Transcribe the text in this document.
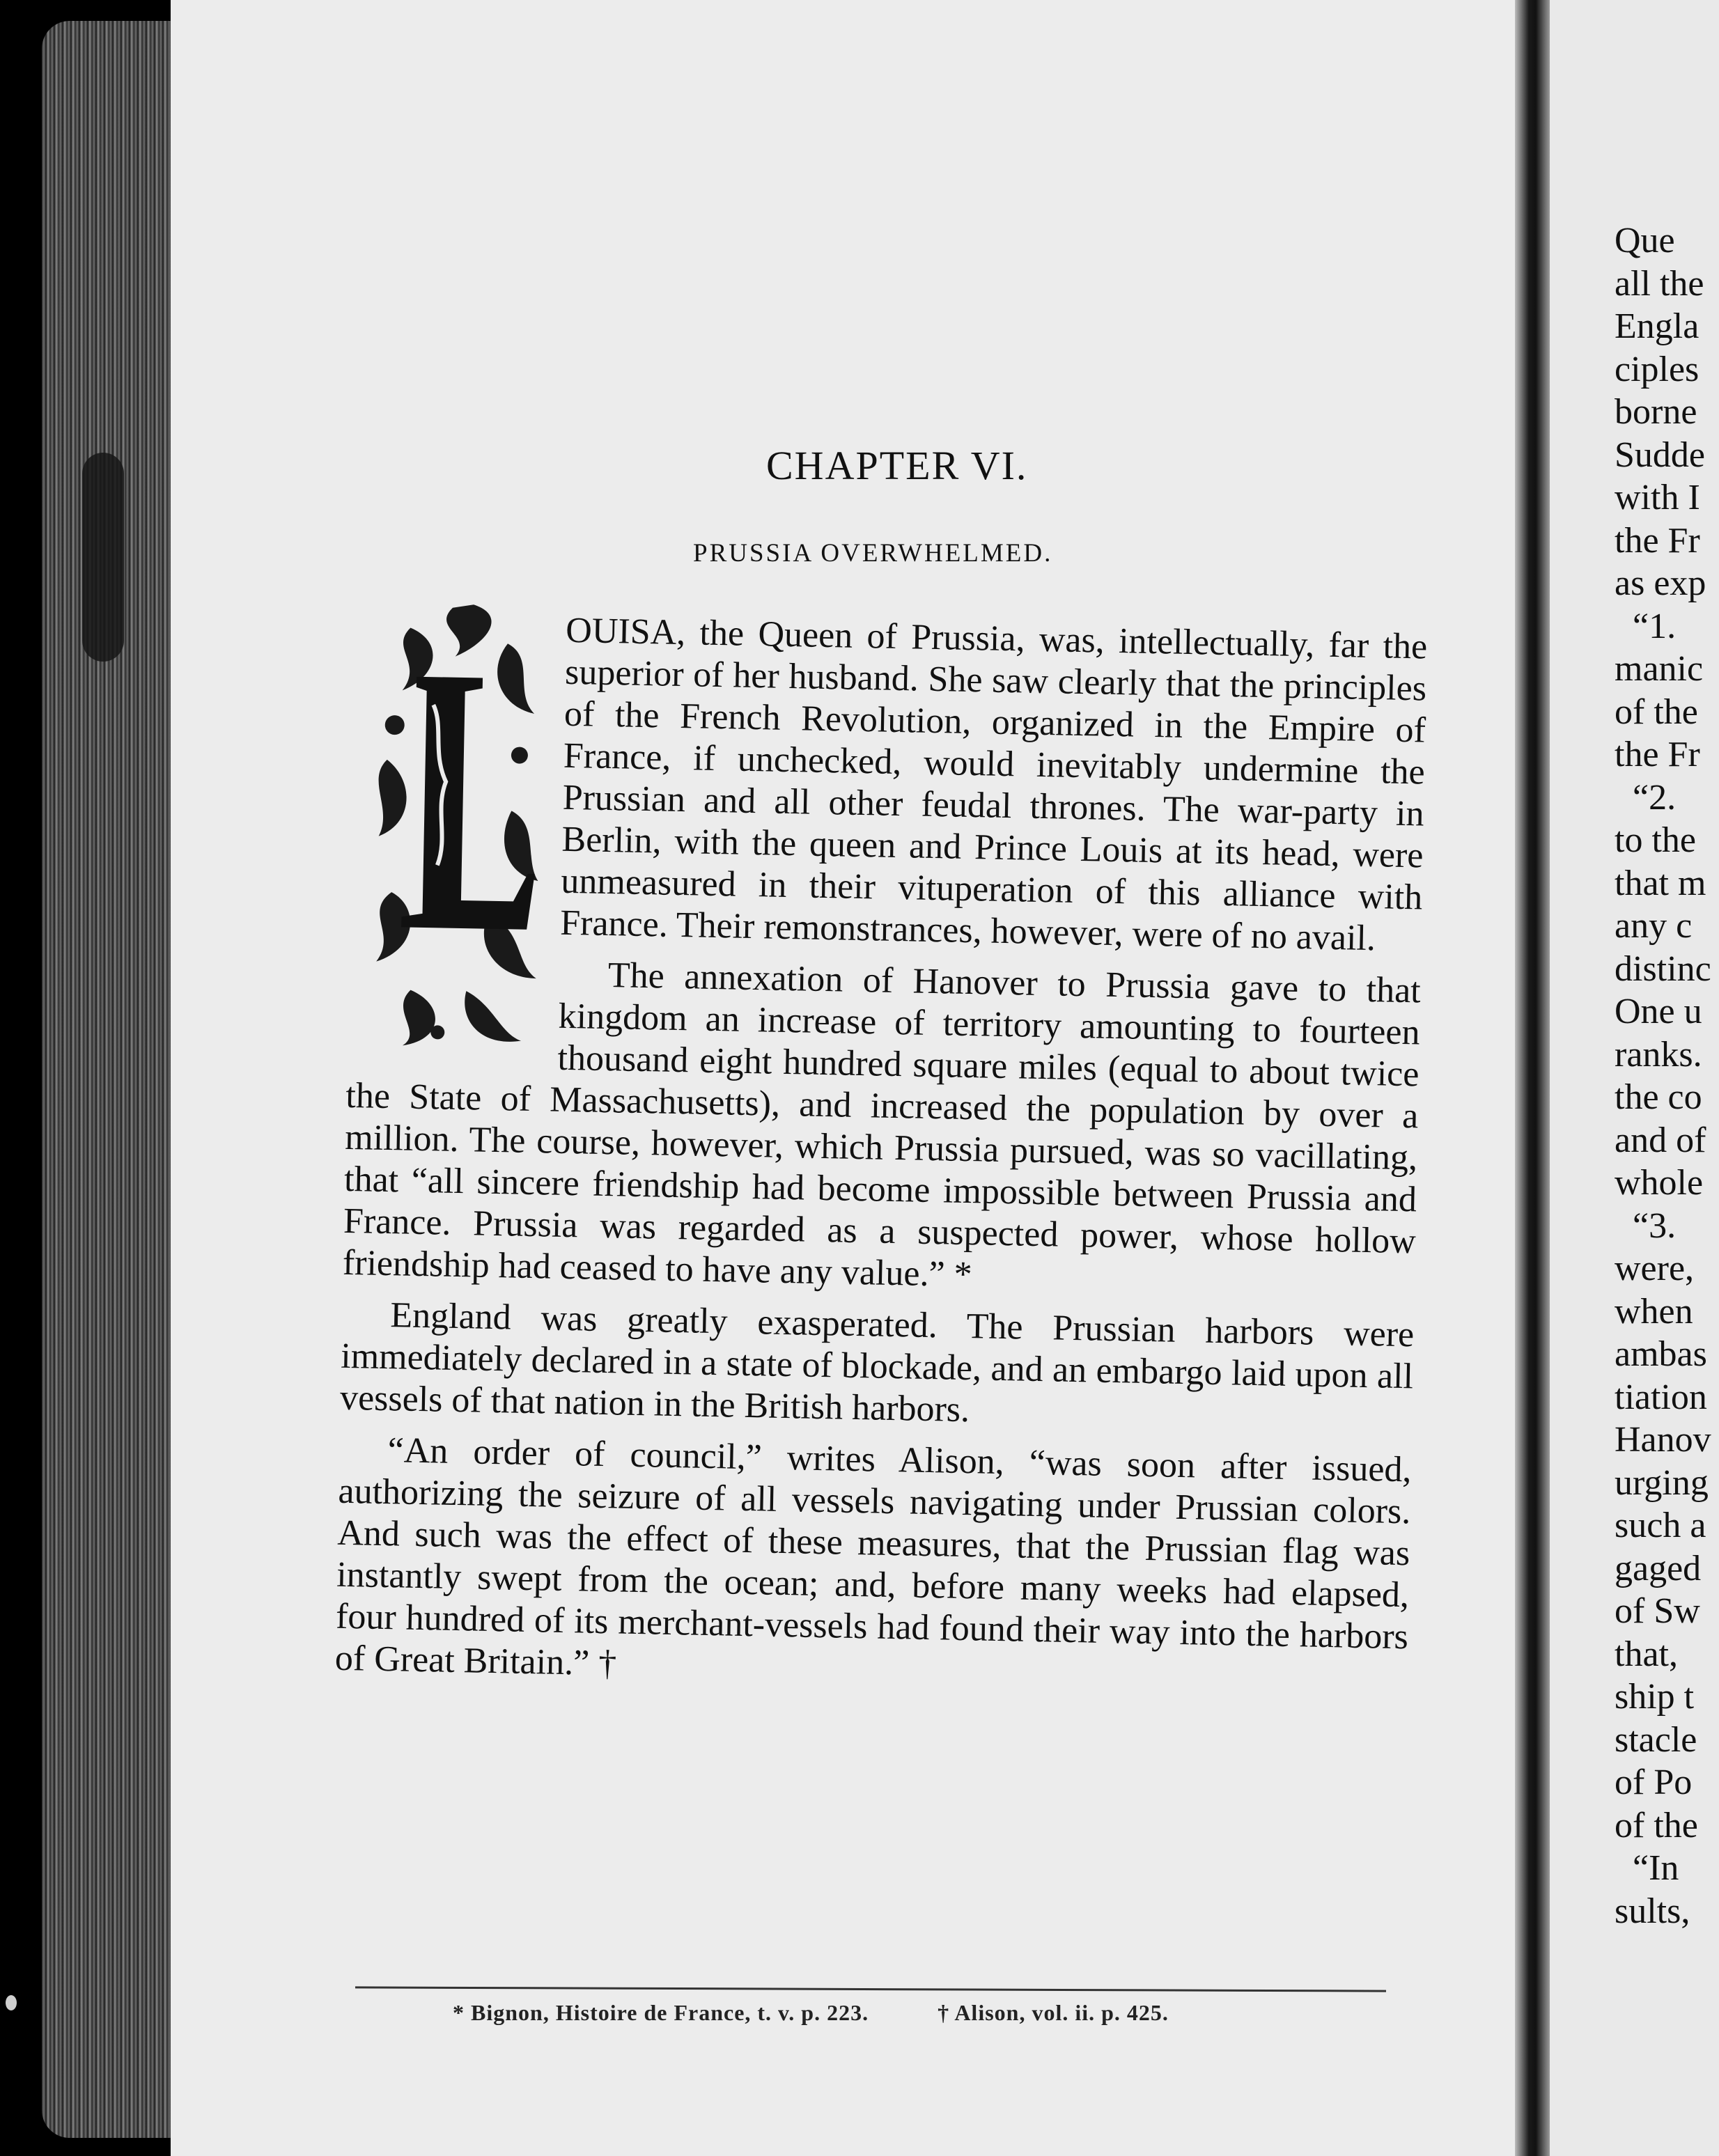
Que
all the
Engla
ciples
borne
Sudde
with I
the Fr
as exp
“1.
manic
of the
the Fr
“2.
to the
that m
any c
distinc
One u
ranks.
the co
and of
whole
“3.
were,
when
ambas
tiation
Hanov
urging
such a
gaged
of Sw
that,
ship t
stacle
of Po
of the
“In
sults,
CHAPTER VI.
PRUSSIA OVERWHELMED.

OUISA, the Queen of Prussia, was, intellectually, far the superior of her husband. She saw clearly that the principles of the French Revolution, organized in the Empire of France, if unchecked, would inevitably undermine the Prussian and all other feudal thrones. The war-party in Berlin, with the queen and Prince Louis at its head, were unmeasured in their vituperation of this alliance with France. Their remonstrances, however, were of no avail.

The annexation of Hanover to Prussia gave to that kingdom an increase of territory amounting to fourteen thousand eight hundred square miles (equal to about twice the State of Massachusetts), and increased the population by over a million. The course, however, which Prussia pursued, was so vacillating, that “all sincere friendship had become impossible between Prussia and France. Prussia was regarded as a suspected power, whose hollow friendship had ceased to have any value.” *

England was greatly exasperated. The Prussian harbors were immediately declared in a state of blockade, and an embargo laid upon all vessels of that nation in the British harbors.

“An order of council,” writes Alison, “was soon after issued, authorizing the seizure of all vessels navigating under Prussian colors. And such was the effect of these measures, that the Prussian flag was instantly swept from the ocean; and, before many weeks had elapsed, four hundred of its merchant-vessels had found their way into the harbors of Great Britain.” †

* Bignon, Histoire de France, t. v. p. 223.	† Alison, vol. ii. p. 425.
